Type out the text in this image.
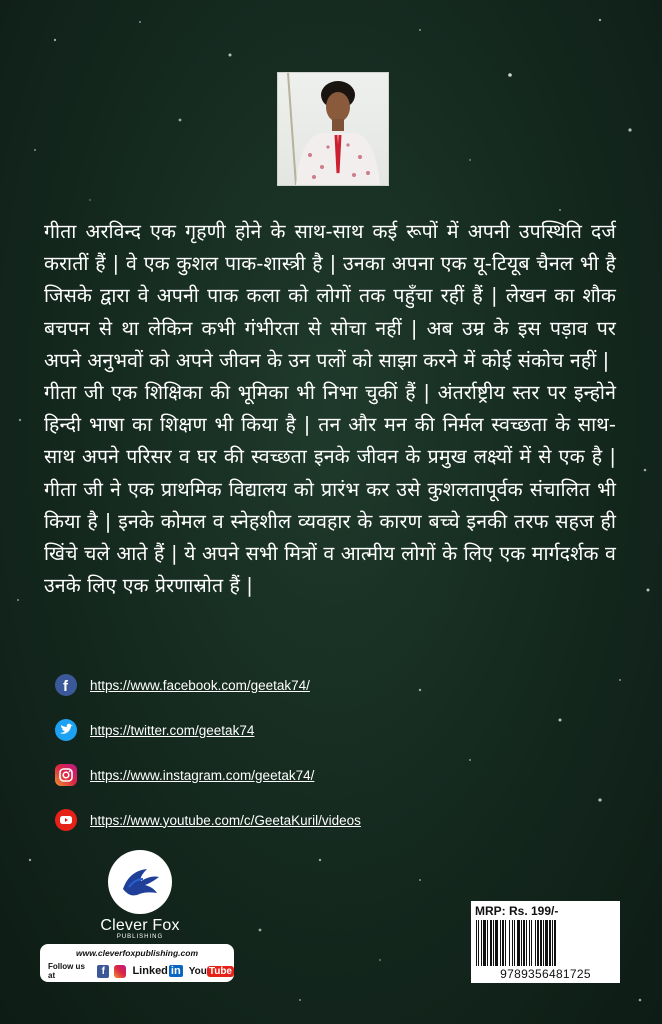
गीता अरविन्द एक गृहणी होने के साथ-साथ कई रूपों में अपनी उपस्थिति दर्ज करातीं हैं | वे एक कुशल पाक-शास्त्री है | उनका अपना एक यू-टियूब चैनल भी है जिसके द्वारा वे अपनी पाक कला को लोगों तक पहुँचा रहीं हैं | लेखन का शौक बचपन से था लेकिन कभी गंभीरता से सोचा नहीं | अब उम्र के इस पड़ाव पर अपने अनुभवों को अपने जीवन के उन पलों को साझा करने में कोई संकोच नहीं |

गीता जी एक शिक्षिका की भूमिका भी निभा चुकीं हैं | अंतर्राष्ट्रीय स्तर पर इन्होने हिन्दी भाषा का शिक्षण भी किया है | तन और मन की निर्मल स्वच्छता के साथ-साथ अपने परिसर व घर की स्वच्छता इनके जीवन के प्रमुख लक्ष्यों में से एक है | गीता जी ने एक प्राथमिक विद्यालय को प्रारंभ कर उसे कुशलतापूर्वक संचालित भी किया है | इनके कोमल व स्नेहशील व्यवहार के कारण बच्चे इनकी तरफ सहज ही खिंचे चले आते हैं | ये अपने सभी मित्रों व आत्मीय लोगों के लिए एक मार्गदर्शक व उनके लिए एक प्रेरणास्रोत हैं |

f https://www.facebook.com/geetak74/
https://twitter.com/geetak74
https://www.instagram.com/geetak74/
https://www.youtube.com/c/GeetaKuril/videos
Clever Fox
PUBLISHING
www.cleverfoxpublishing.com
Follow us at	f	Linked in You Tube
MRP: Rs. 199/-
9789356481725
